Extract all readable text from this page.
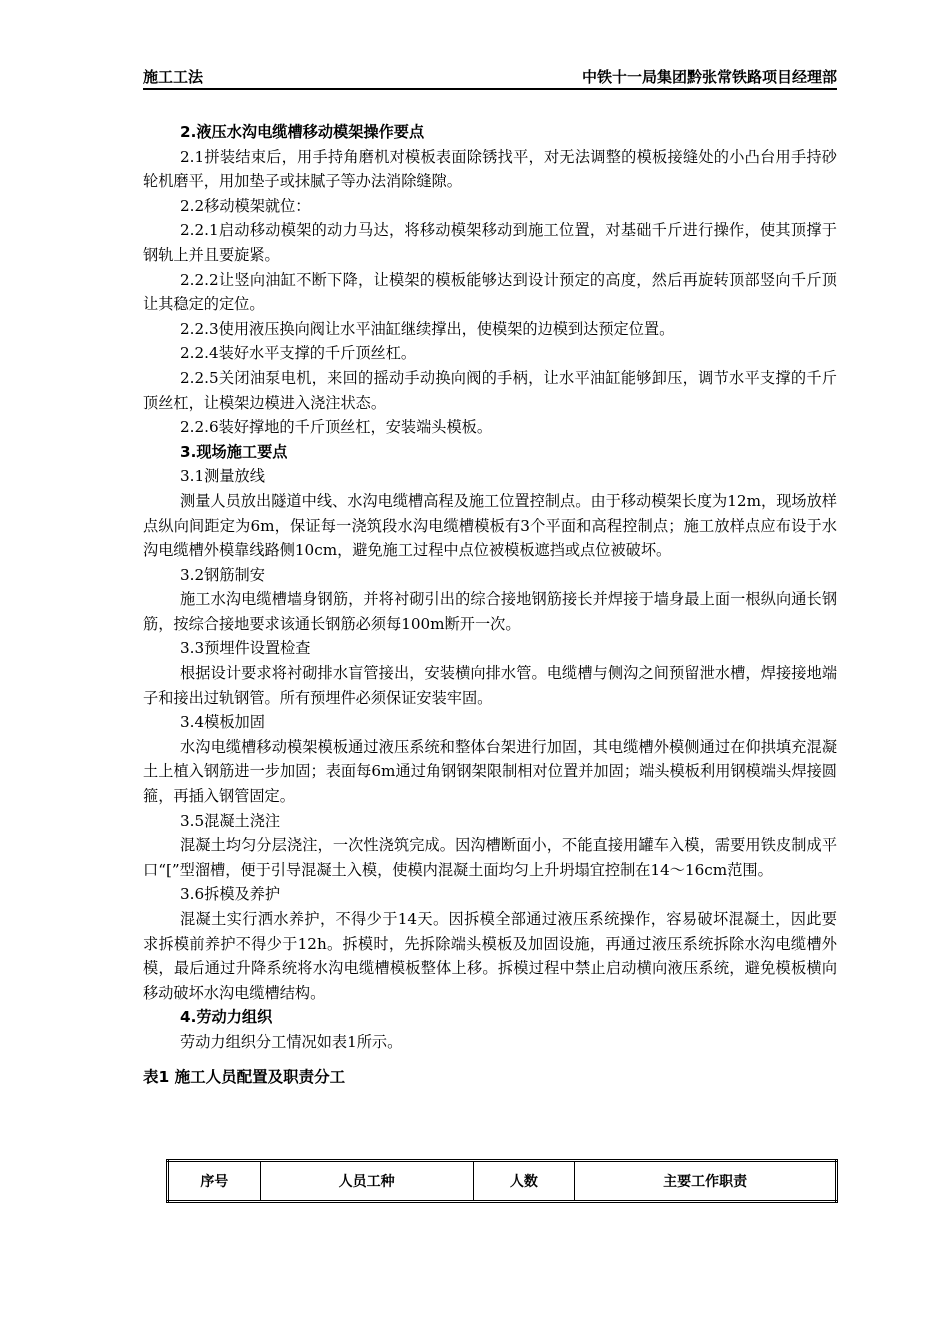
施工工法	中铁十一局集团黔张常铁路项目经理部

2.液压水沟电缆槽移动模架操作要点

2.1拼装结束后，用手持角磨机对模板表面除锈找平，对无法调整的模板接缝处的小凸台用手持砂轮机磨平，用加垫子或抹腻子等办法消除缝隙。

2.2移动模架就位：

2.2.1启动移动模架的动力马达，将移动模架移动到施工位置，对基础千斤进行操作，使其顶撑于钢轨上并且要旋紧。

2.2.2让竖向油缸不断下降，让模架的模板能够达到设计预定的高度，然后再旋转顶部竖向千斤顶让其稳定的定位。

2.2.3使用液压换向阀让水平油缸继续撑出，使模架的边模到达预定位置。

2.2.4装好水平支撑的千斤顶丝杠。

2.2.5关闭油泵电机，来回的摇动手动换向阀的手柄，让水平油缸能够卸压，调节水平支撑的千斤顶丝杠，让模架边模进入浇注状态。

2.2.6装好撑地的千斤顶丝杠，安装端头模板。

3.现场施工要点

3.1测量放线

测量人员放出隧道中线、水沟电缆槽高程及施工位置控制点。由于移动模架长度为12m，现场放样点纵向间距定为6m，保证每一浇筑段水沟电缆槽模板有3个平面和高程控制点；施工放样点应布设于水沟电缆槽外模靠线路侧10cm，避免施工过程中点位被模板遮挡或点位被破坏。

3.2钢筋制安

施工水沟电缆槽墙身钢筋，并将衬砌引出的综合接地钢筋接长并焊接于墙身最上面一根纵向通长钢筋，按综合接地要求该通长钢筋必须每100m断开一次。

3.3预埋件设置检查

根据设计要求将衬砌排水盲管接出，安装横向排水管。电缆槽与侧沟之间预留泄水槽，焊接接地端子和接出过轨钢管。所有预埋件必须保证安装牢固。

3.4模板加固

水沟电缆槽移动模架模板通过液压系统和整体台架进行加固，其电缆槽外模侧通过在仰拱填充混凝土上植入钢筋进一步加固；表面每6m通过角钢钢架限制相对位置并加固；端头模板利用钢模端头焊接圆箍，再插入钢管固定。

3.5混凝土浇注

混凝土均匀分层浇注，一次性浇筑完成。因沟槽断面小，不能直接用罐车入模，需要用铁皮制成平口“[”型溜槽，便于引导混凝土入模，使模内混凝土面均匀上升坍塌宜控制在14～16cm范围。

3.6拆模及养护

混凝土实行洒水养护，不得少于14天。因拆模全部通过液压系统操作，容易破坏混凝土，因此要求拆模前养护不得少于12h。拆模时，先拆除端头模板及加固设施，再通过液压系统拆除水沟电缆槽外模，最后通过升降系统将水沟电缆槽模板整体上移。拆模过程中禁止启动横向液压系统，避免模板横向移动破坏水沟电缆槽结构。

4.劳动力组织

劳动力组织分工情况如表1所示。

表1 施工人员配置及职责分工

序号	人员工种	人数	主要工作职责
